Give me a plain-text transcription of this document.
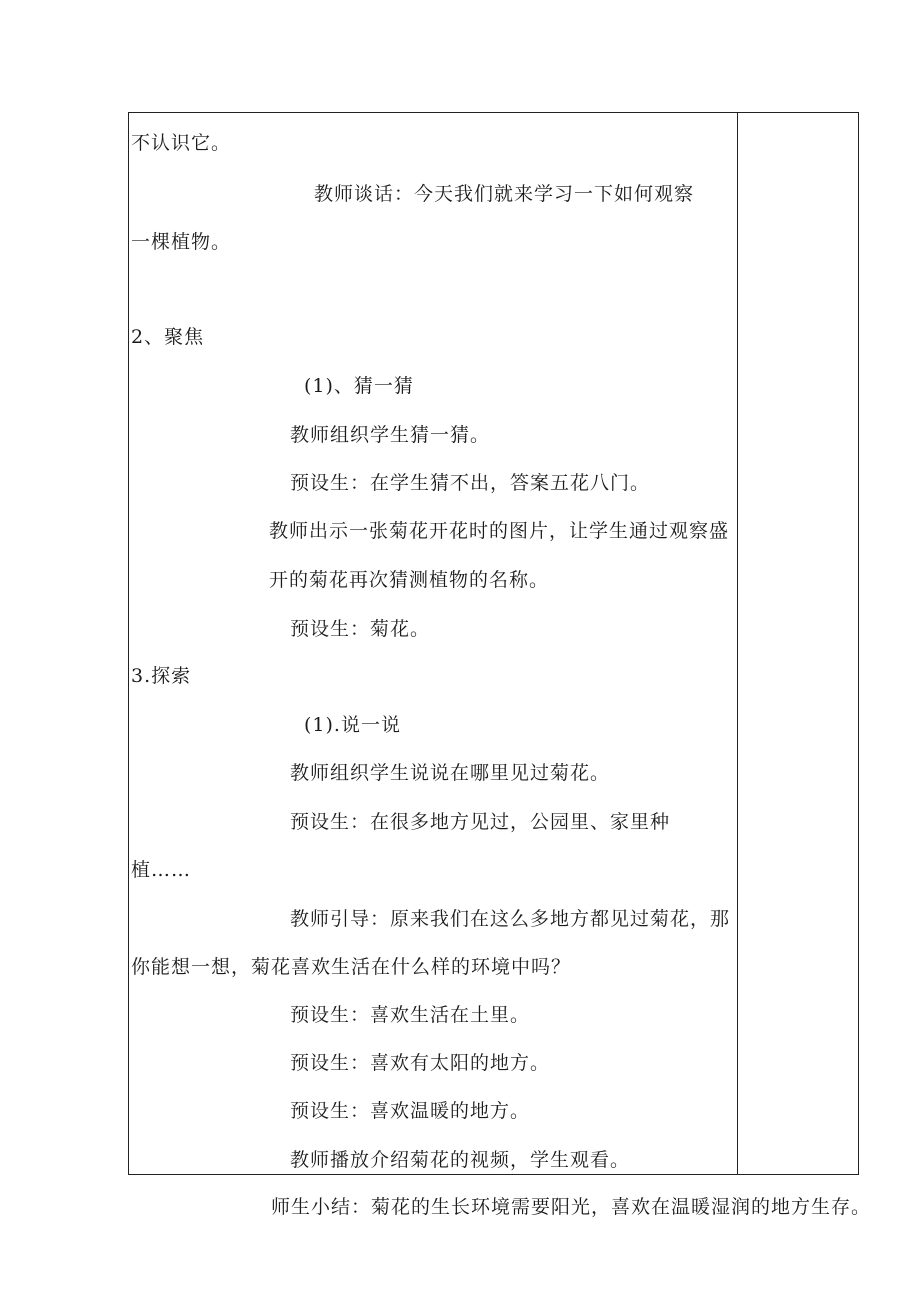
不认识它。
教师谈话：今天我们就来学习一下如何观察
一棵植物。
2、聚焦
(1)、猜一猜
教师组织学生猜一猜。
预设生：在学生猜不出，答案五花八门。
教师出示一张菊花开花时的图片，让学生通过观察盛
开的菊花再次猜测植物的名称。
预设生：菊花。
3.探索
(1).说一说
教师组织学生说说在哪里见过菊花。
预设生：在很多地方见过，公园里、家里种
植……
教师引导：原来我们在这么多地方都见过菊花，那
你能想一想，菊花喜欢生活在什么样的环境中吗？
预设生：喜欢生活在土里。
预设生：喜欢有太阳的地方。
预设生：喜欢温暖的地方。
教师播放介绍菊花的视频，学生观看。
师生小结：菊花的生长环境需要阳光，喜欢在温暖湿润的地方生存。
